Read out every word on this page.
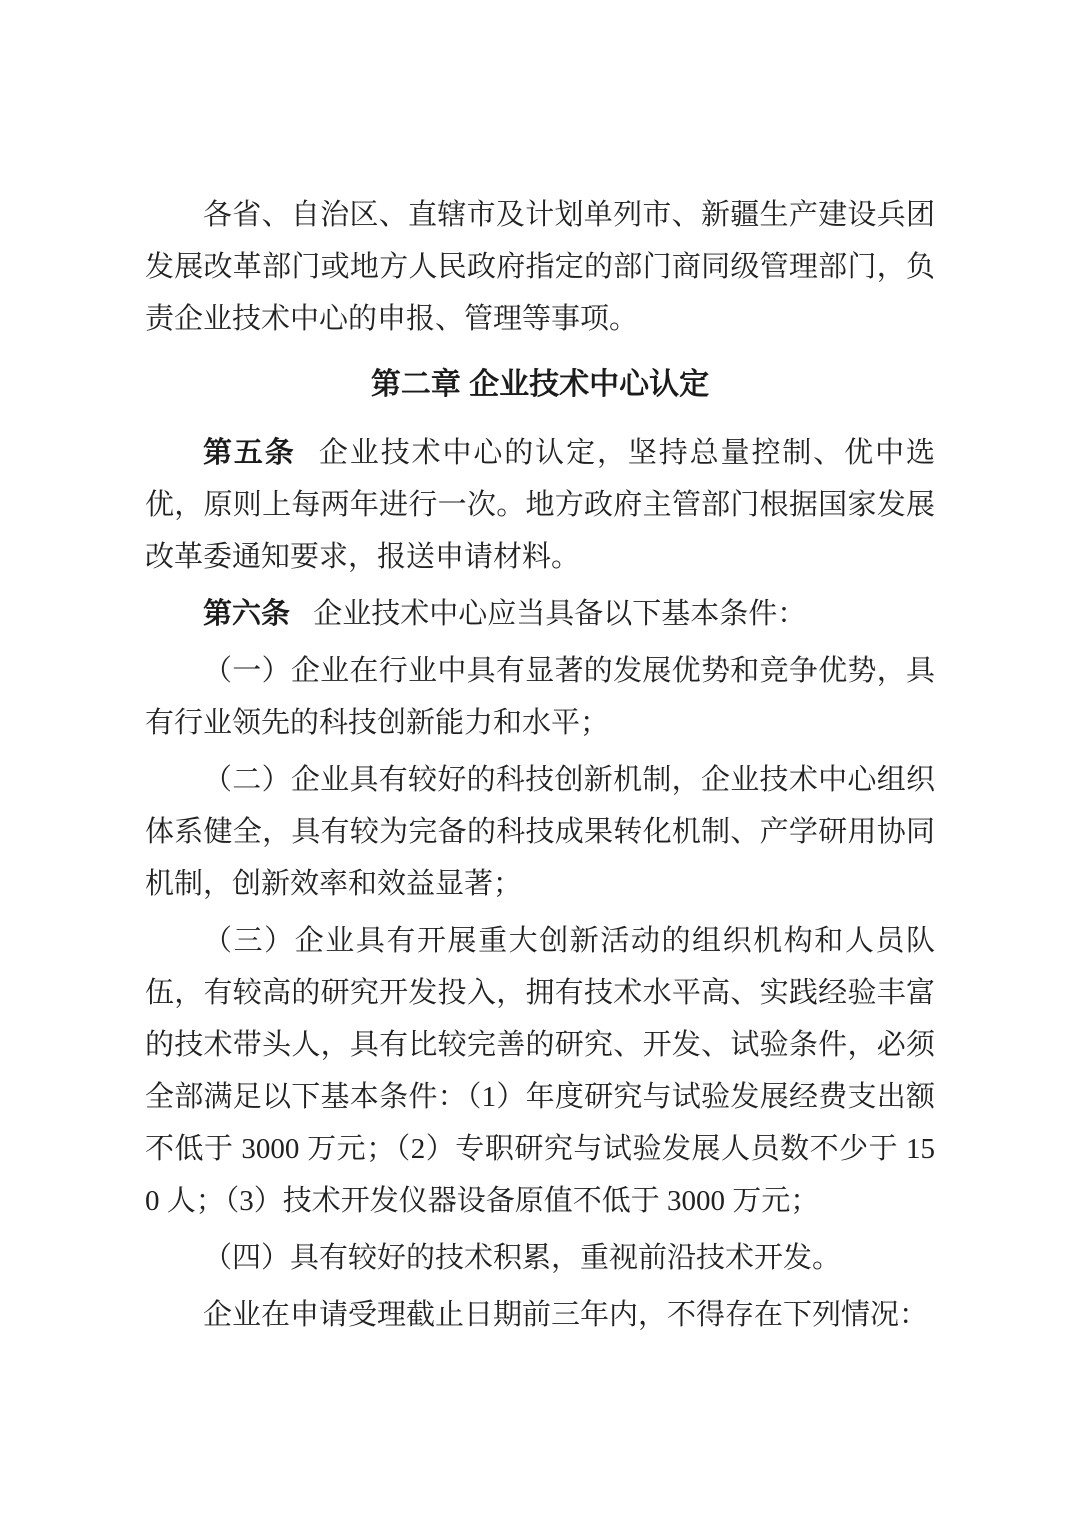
各省、自治区、直辖市及计划单列市、新疆生产建设兵团发展改革部门或地方人民政府指定的部门商同级管理部门，负责企业技术中心的申报、管理等事项。

第二章 企业技术中心认定

第五条 企业技术中心的认定，坚持总量控制、优中选优，原则上每两年进行一次。地方政府主管部门根据国家发展改革委通知要求，报送申请材料。

第六条 企业技术中心应当具备以下基本条件：

（一）企业在行业中具有显著的发展优势和竞争优势，具有行业领先的科技创新能力和水平；

（二）企业具有较好的科技创新机制，企业技术中心组织体系健全，具有较为完备的科技成果转化机制、产学研用协同机制，创新效率和效益显著；

（三）企业具有开展重大创新活动的组织机构和人员队伍，有较高的研究开发投入，拥有技术水平高、实践经验丰富的技术带头人，具有比较完善的研究、开发、试验条件，必须全部满足以下基本条件：（1）年度研究与试验发展经费支出额不低于 3000 万元；（2）专职研究与试验发展人员数不少于 150 人；（3）技术开发仪器设备原值不低于 3000 万元；

（四）具有较好的技术积累，重视前沿技术开发。

企业在申请受理截止日期前三年内，不得存在下列情况：
